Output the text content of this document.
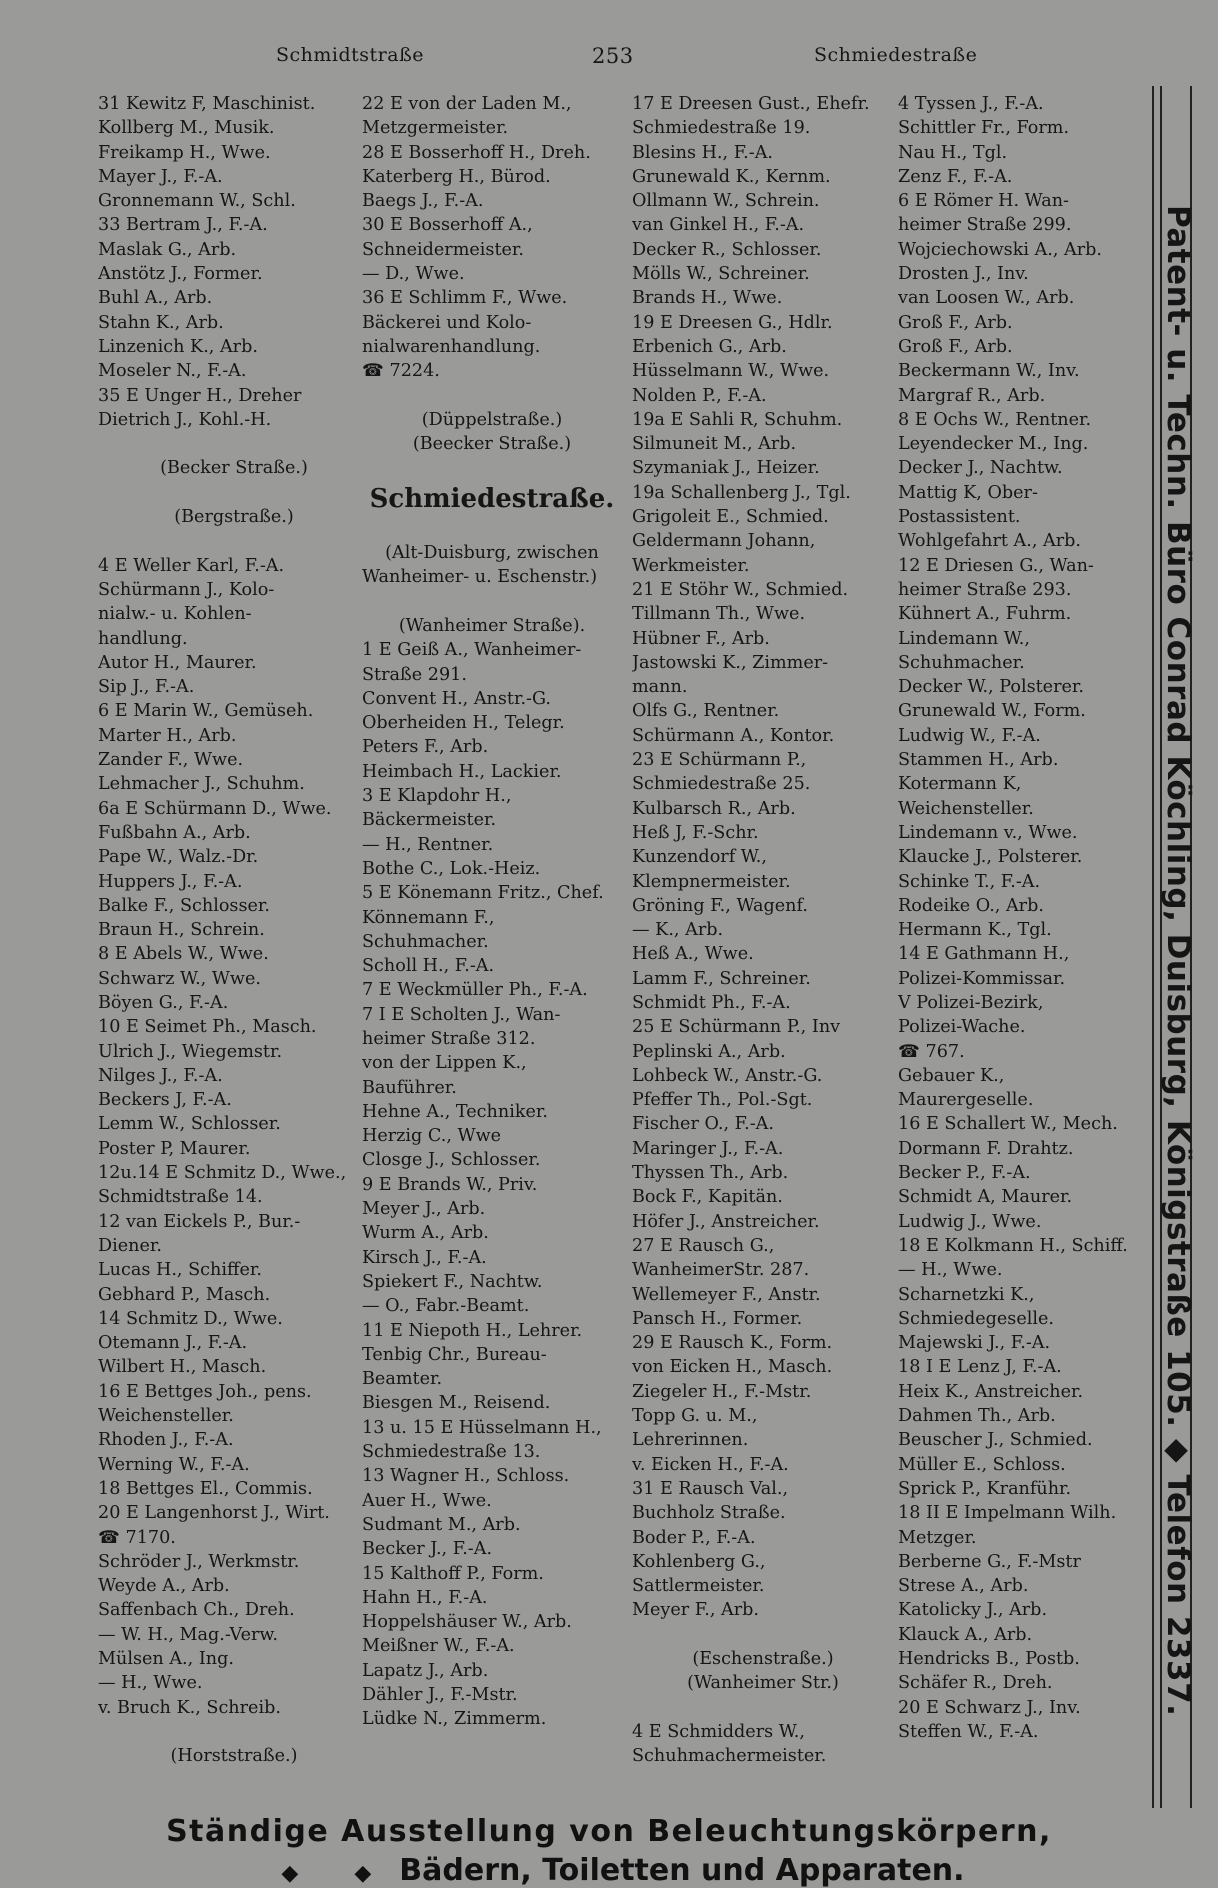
Schmidtstraße	253	Schmiedestraße
31 Kewitz F, Maschinist.
Kollberg M., Musik.
Freikamp H., Wwe.
Mayer J., F.-A.
Gronnemann W., Schl.
33 Bertram J., F.-A.
Maslak G., Arb.
Anstötz J., Former.
Buhl A., Arb.
Stahn K., Arb.
Linzenich K., Arb.
Moseler N., F.-A.
35 E Unger H., Dreher
Dietrich J., Kohl.-H.
(Becker Straße.)
(Bergstraße.)
4 E Weller Karl, F.-A.
Schürmann J., Kolo-
nialw.- u. Kohlen-
handlung.
Autor H., Maurer.
Sip J., F.-A.
6 E Marin W., Gemüseh.
Marter H., Arb.
Zander F., Wwe.
Lehmacher J., Schuhm.
6a E Schürmann D., Wwe.
Fußbahn A., Arb.
Pape W., Walz.-Dr.
Huppers J., F.-A.
Balke F., Schlosser.
Braun H., Schrein.
8 E Abels W., Wwe.
Schwarz W., Wwe.
Böyen G., F.-A.
10 E Seimet Ph., Masch.
Ulrich J., Wiegemstr.
Nilges J., F.-A.
Beckers J, F.-A.
Lemm W., Schlosser.
Poster P, Maurer.
12u.14 E Schmitz D., Wwe.,
Schmidtstraße 14.
12 van Eickels P., Bur.-
Diener.
Lucas H., Schiffer.
Gebhard P., Masch.
14 Schmitz D., Wwe.
Otemann J., F.-A.
Wilbert H., Masch.
16 E Bettges Joh., pens.
Weichensteller.
Rhoden J., F.-A.
Werning W., F.-A.
18 Bettges El., Commis.
20 E Langenhorst J., Wirt.
☎ 7170.
Schröder J., Werkmstr.
Weyde A., Arb.
Saffenbach Ch., Dreh.
— W. H., Mag.-Verw.
Mülsen A., Ing.
— H., Wwe.
v. Bruch K., Schreib.
(Horststraße.)
22 E von der Laden M.,
Metzgermeister.
28 E Bosserhoff H., Dreh.
Katerberg H., Bürod.
Baegs J., F.-A.
30 E Bosserhoff A.,
Schneidermeister.
— D., Wwe.
36 E Schlimm F., Wwe.
Bäckerei und Kolo-
nialwarenhandlung.
☎ 7224.
(Düppelstraße.)
(Beecker Straße.)
Schmiedestraße.
(Alt-Duisburg, zwischen
Wanheimer- u. Eschenstr.)
(Wanheimer Straße).
1 E Geiß A., Wanheimer-
Straße 291.
Convent H., Anstr.-G.
Oberheiden H., Telegr.
Peters F., Arb.
Heimbach H., Lackier.
3 E Klapdohr H.,
Bäckermeister.
— H., Rentner.
Bothe C., Lok.-Heiz.
5 E Könemann Fritz., Chef.
Könnemann F.,
Schuhmacher.
Scholl H., F.-A.
7 E Weckmüller Ph., F.-A.
7 I E Scholten J., Wan-
heimer Straße 312.
von der Lippen K.,
Bauführer.
Hehne A., Techniker.
Herzig C., Wwe
Closge J., Schlosser.
9 E Brands W., Priv.
Meyer J., Arb.
Wurm A., Arb.
Kirsch J., F.-A.
Spiekert F., Nachtw.
— O., Fabr.-Beamt.
11 E Niepoth H., Lehrer.
Tenbig Chr., Bureau-
Beamter.
Biesgen M., Reisend.
13 u. 15 E Hüsselmann H.,
Schmiedestraße 13.
13 Wagner H., Schloss.
Auer H., Wwe.
Sudmant M., Arb.
Becker J., F.-A.
15 Kalthoff P., Form.
Hahn H., F.-A.
Hoppelshäuser W., Arb.
Meißner W., F.-A.
Lapatz J., Arb.
Dähler J., F.-Mstr.
Lüdke N., Zimmerm.
17 E Dreesen Gust., Ehefr.
Schmiedestraße 19.
Blesins H., F.-A.
Grunewald K., Kernm.
Ollmann W., Schrein.
van Ginkel H., F.-A.
Decker R., Schlosser.
Mölls W., Schreiner.
Brands H., Wwe.
19 E Dreesen G., Hdlr.
Erbenich G., Arb.
Hüsselmann W., Wwe.
Nolden P., F.-A.
19a E Sahli R, Schuhm.
Silmuneit M., Arb.
Szymaniak J., Heizer.
19a Schallenberg J., Tgl.
Grigoleit E., Schmied.
Geldermann Johann,
Werkmeister.
21 E Stöhr W., Schmied.
Tillmann Th., Wwe.
Hübner F., Arb.
Jastowski K., Zimmer-
mann.
Olfs G., Rentner.
Schürmann A., Kontor.
23 E Schürmann P.,
Schmiedestraße 25.
Kulbarsch R., Arb.
Heß J, F.-Schr.
Kunzendorf W.,
Klempnermeister.
Gröning F., Wagenf.
— K., Arb.
Heß A., Wwe.
Lamm F., Schreiner.
Schmidt Ph., F.-A.
25 E Schürmann P., Inv
Peplinski A., Arb.
Lohbeck W., Anstr.-G.
Pfeffer Th., Pol.-Sgt.
Fischer O., F.-A.
Maringer J., F.-A.
Thyssen Th., Arb.
Bock F., Kapitän.
Höfer J., Anstreicher.
27 E Rausch G.,
WanheimerStr. 287.
Wellemeyer F., Anstr.
Pansch H., Former.
29 E Rausch K., Form.
von Eicken H., Masch.
Ziegeler H., F.-Mstr.
Topp G. u. M.,
Lehrerinnen.
v. Eicken H., F.-A.
31 E Rausch Val.,
Buchholz Straße.
Boder P., F.-A.
Kohlenberg G.,
Sattlermeister.
Meyer F., Arb.
(Eschenstraße.)
(Wanheimer Str.)
4 E Schmidders W.,
Schuhmachermeister.
4 Tyssen J., F.-A.
Schittler Fr., Form.
Nau H., Tgl.
Zenz F., F.-A.
6 E Römer H. Wan-
heimer Straße 299.
Wojciechowski A., Arb.
Drosten J., Inv.
van Loosen W., Arb.
Groß F., Arb.
Groß F., Arb.
Beckermann W., Inv.
Margraf R., Arb.
8 E Ochs W., Rentner.
Leyendecker M., Ing.
Decker J., Nachtw.
Mattig K, Ober-
Postassistent.
Wohlgefahrt A., Arb.
12 E Driesen G., Wan-
heimer Straße 293.
Kühnert A., Fuhrm.
Lindemann W.,
Schuhmacher.
Decker W., Polsterer.
Grunewald W., Form.
Ludwig W., F.-A.
Stammen H., Arb.
Kotermann K,
Weichensteller.
Lindemann v., Wwe.
Klaucke J., Polsterer.
Schinke T., F.-A.
Rodeike O., Arb.
Hermann K., Tgl.
14 E Gathmann H.,
Polizei-Kommissar.
V Polizei-Bezirk,
Polizei-Wache.
☎ 767.
Gebauer K.,
Maurergeselle.
16 E Schallert W., Mech.
Dormann F. Drahtz.
Becker P., F.-A.
Schmidt A, Maurer.
Ludwig J., Wwe.
18 E Kolkmann H., Schiff.
— H., Wwe.
Scharnetzki K.,
Schmiedegeselle.
Majewski J., F.-A.
18 I E Lenz J, F.-A.
Heix K., Anstreicher.
Dahmen Th., Arb.
Beuscher J., Schmied.
Müller E., Schloss.
Sprick P., Kranführ.
18 II E Impelmann Wilh.
Metzger.
Berberne G., F.-Mstr
Strese A., Arb.
Katolicky J., Arb.
Klauck A., Arb.
Hendricks B., Postb.
Schäfer R., Dreh.
20 E Schwarz J., Inv.
Steffen W., F.-A.
Patent- u. Techn. Büro Conrad Köchling, Duisburg, Königstraße 105. ◆ Telefon 2337.
Ständige Ausstellung von Beleuchtungskörpern,
◆	◆ Bädern, Toiletten und Apparaten.
